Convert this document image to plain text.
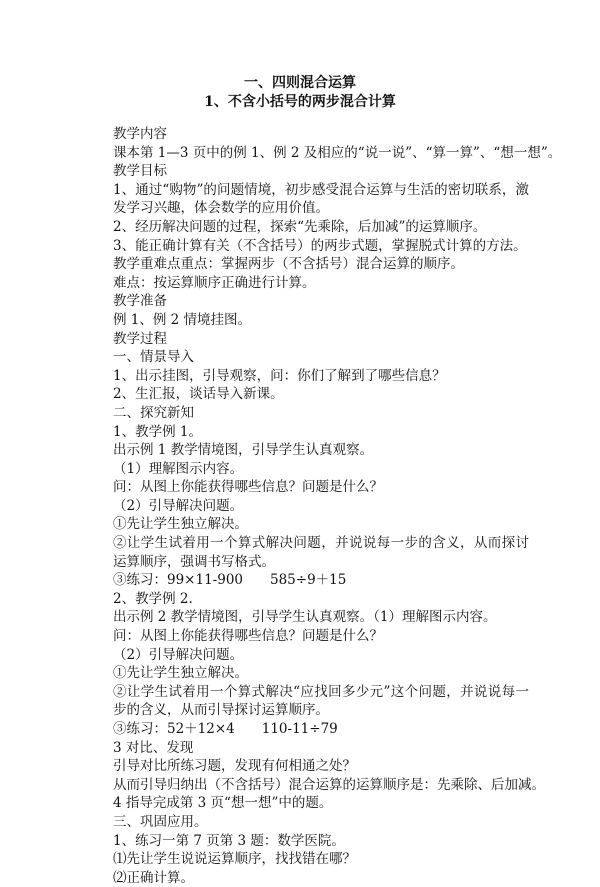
一、四则混合运算
1、不含小括号的两步混合计算
教学内容
课本第 1—3 页中的例 1、例 2 及相应的“说一说”、“算一算”、“想一想”。
教学目标
1、通过“购物”的问题情境，初步感受混合运算与生活的密切联系，激发学习兴趣，体会数学的应用价值。
2、经历解决问题的过程，探索“先乘除，后加减”的运算顺序。
3、能正确计算有关（不含括号）的两步式题，掌握脱式计算的方法。
教学重难点重点：掌握两步（不含括号）混合运算的顺序。
难点：按运算顺序正确进行计算。
教学准备
例 1、例 2 情境挂图。
教学过程
一、情景导入
1、出示挂图，引导观察，问：你们了解到了哪些信息？
2、生汇报，谈话导入新课。
二、探究新知
1、教学例 1。
出示例 1 教学情境图，引导学生认真观察。
（1）理解图示内容。
问：从图上你能获得哪些信息？问题是什么？
（2）引导解决问题。
①先让学生独立解决。
②让学生试着用一个算式解决问题，并说说每一步的含义，从而探讨运算顺序，强调书写格式。
③练习：99×11-900　　585÷9＋15
2、教学例 2.
出示例 2 教学情境图，引导学生认真观察。（1）理解图示内容。
问：从图上你能获得哪些信息？问题是什么？
（2）引导解决问题。
①先让学生独立解决。
②让学生试着用一个算式解决“应找回多少元”这个问题，并说说每一步的含义，从而引导探讨运算顺序。
③练习：52＋12×4　　110-11÷79
3 对比、发现
引导对比所练习题，发现有何相通之处？
从而引导归纳出（不含括号）混合运算的运算顺序是：先乘除、后加减。
4 指导完成第 3 页“想一想”中的题。
三、巩固应用。
1、练习一第 7 页第 3 题：数学医院。
⑴先让学生说说运算顺序，找找错在哪？
⑵正确计算。
